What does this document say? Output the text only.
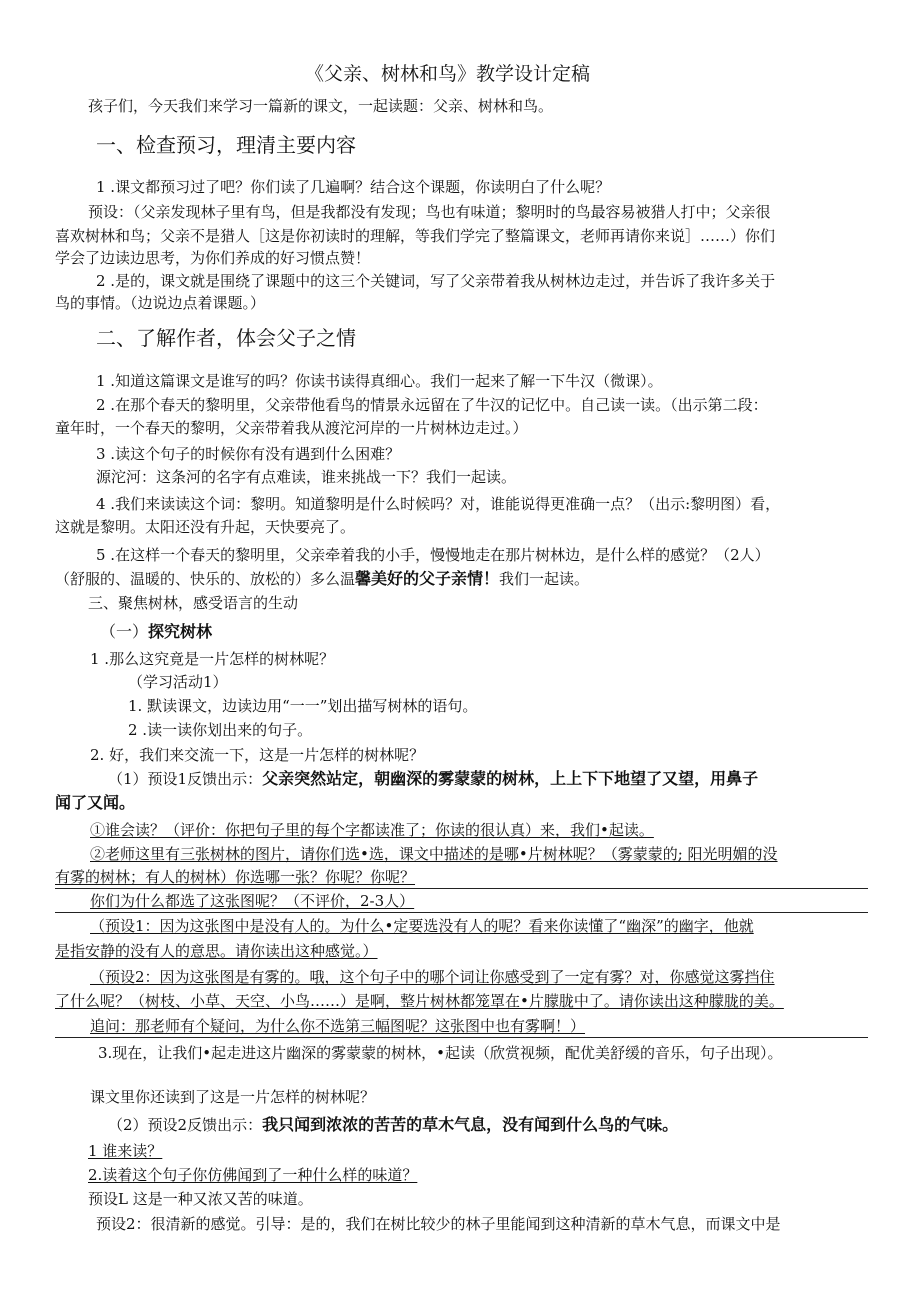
《父亲、树林和鸟》教学设计定稿
孩子们，今天我们来学习一篇新的课文，一起读题：父亲、树林和鸟。
一、检查预习，理清主要内容
1 .课文都预习过了吧？你们读了几遍啊？结合这个课题，你读明白了什么呢？
预设：（父亲发现林子里有鸟，但是我都没有发现；鸟也有味道；黎明时的鸟最容易被猎人打中；父亲很
喜欢树林和鸟；父亲不是猎人［这是你初读时的理解，等我们学完了整篇课文，老师再请你来说］……）你们
学会了边读边思考，为你们养成的好习惯点赞！
2 .是的，课文就是围绕了课题中的这三个关键词，写了父亲带着我从树林边走过，并告诉了我许多关于
鸟的事情。（边说边点着课题。）
二、了解作者，体会父子之情
1 .知道这篇课文是谁写的吗？你读书读得真细心。我们一起来了解一下牛汉（微课）。
2 .在那个春天的黎明里，父亲带他看鸟的情景永远留在了牛汉的记忆中。自己读一读。（出示第二段：
童年时，一个春天的黎明，父亲带着我从渡沱河岸的一片树林边走过。）
3 .读这个句子的时候你有没有遇到什么困难？
源沱河：这条河的名字有点难读，谁来挑战一下？我们一起读。
4 .我们来读读这个词：黎明。知道黎明是什么时候吗？对，谁能说得更准确一点？（出示:黎明图）看，
这就是黎明。太阳还没有升起，天快要亮了。
5 .在这样一个春天的黎明里，父亲牵着我的小手，慢慢地走在那片树林边，是什么样的感觉？（2人）
（舒服的、温暖的、快乐的、放松的）多么温馨美好的父子亲情！我们一起读。
三、聚焦树林，感受语言的生动
（一）探究树林
1 .那么这究竟是一片怎样的树林呢？
（学习活动1）
1. 默读课文，边读边用“一一”划出描写树林的语句。
2 .读一读你划出来的句子。
2. 好，我们来交流一下，这是一片怎样的树林呢？
（1）预设1反馈出示：父亲突然站定，朝幽深的雾蒙蒙的树林，上上下下地望了又望，用鼻子
闻了又闻。
①谁会读？（评价：你把句子里的每个字都读准了；你读的很认真）来，我们•起读。
②老师这里有三张树林的图片，请你们选•选，课文中描述的是哪•片树林呢？（雾蒙蒙的; 阳光明媚的没
有雾的树林；有人的树林）你选哪一张？你呢？你呢？
你们为什么都选了这张图呢？（不评价，2-3人）
（预设1：因为这张图中是没有人的。为什么•定要选没有人的呢？看来你读懂了“幽深”的幽字，他就
是指安静的没有人的意思。请你读出这种感觉。）
（预设2：因为这张图是有雾的。哦，这个句子中的哪个词让你感受到了一定有雾？对，你感觉这雾挡住
了什么呢？（树枝、小草、天空、小鸟……）是啊，整片树林都笼罩在•片朦胧中了。请你读出这种朦胧的美。
追问：那老师有个疑问，为什么你不选第三幅图呢？这张图中也有雾啊！）
3.现在，让我们•起走进这片幽深的雾蒙蒙的树林，•起读（欣赏视频，配优美舒缓的音乐，句子出现）。
课文里你还读到了这是一片怎样的树林呢？
（2）预设2反馈出示：我只闻到浓浓的苦苦的草木气息，没有闻到什么鸟的气味。
1 谁来读？
2.读着这个句子你仿佛闻到了一种什么样的味道？
预设L 这是一种又浓又苦的味道。
预设2：很清新的感觉。引导：是的，我们在树比较少的林子里能闻到这种清新的草木气息，而课文中是
